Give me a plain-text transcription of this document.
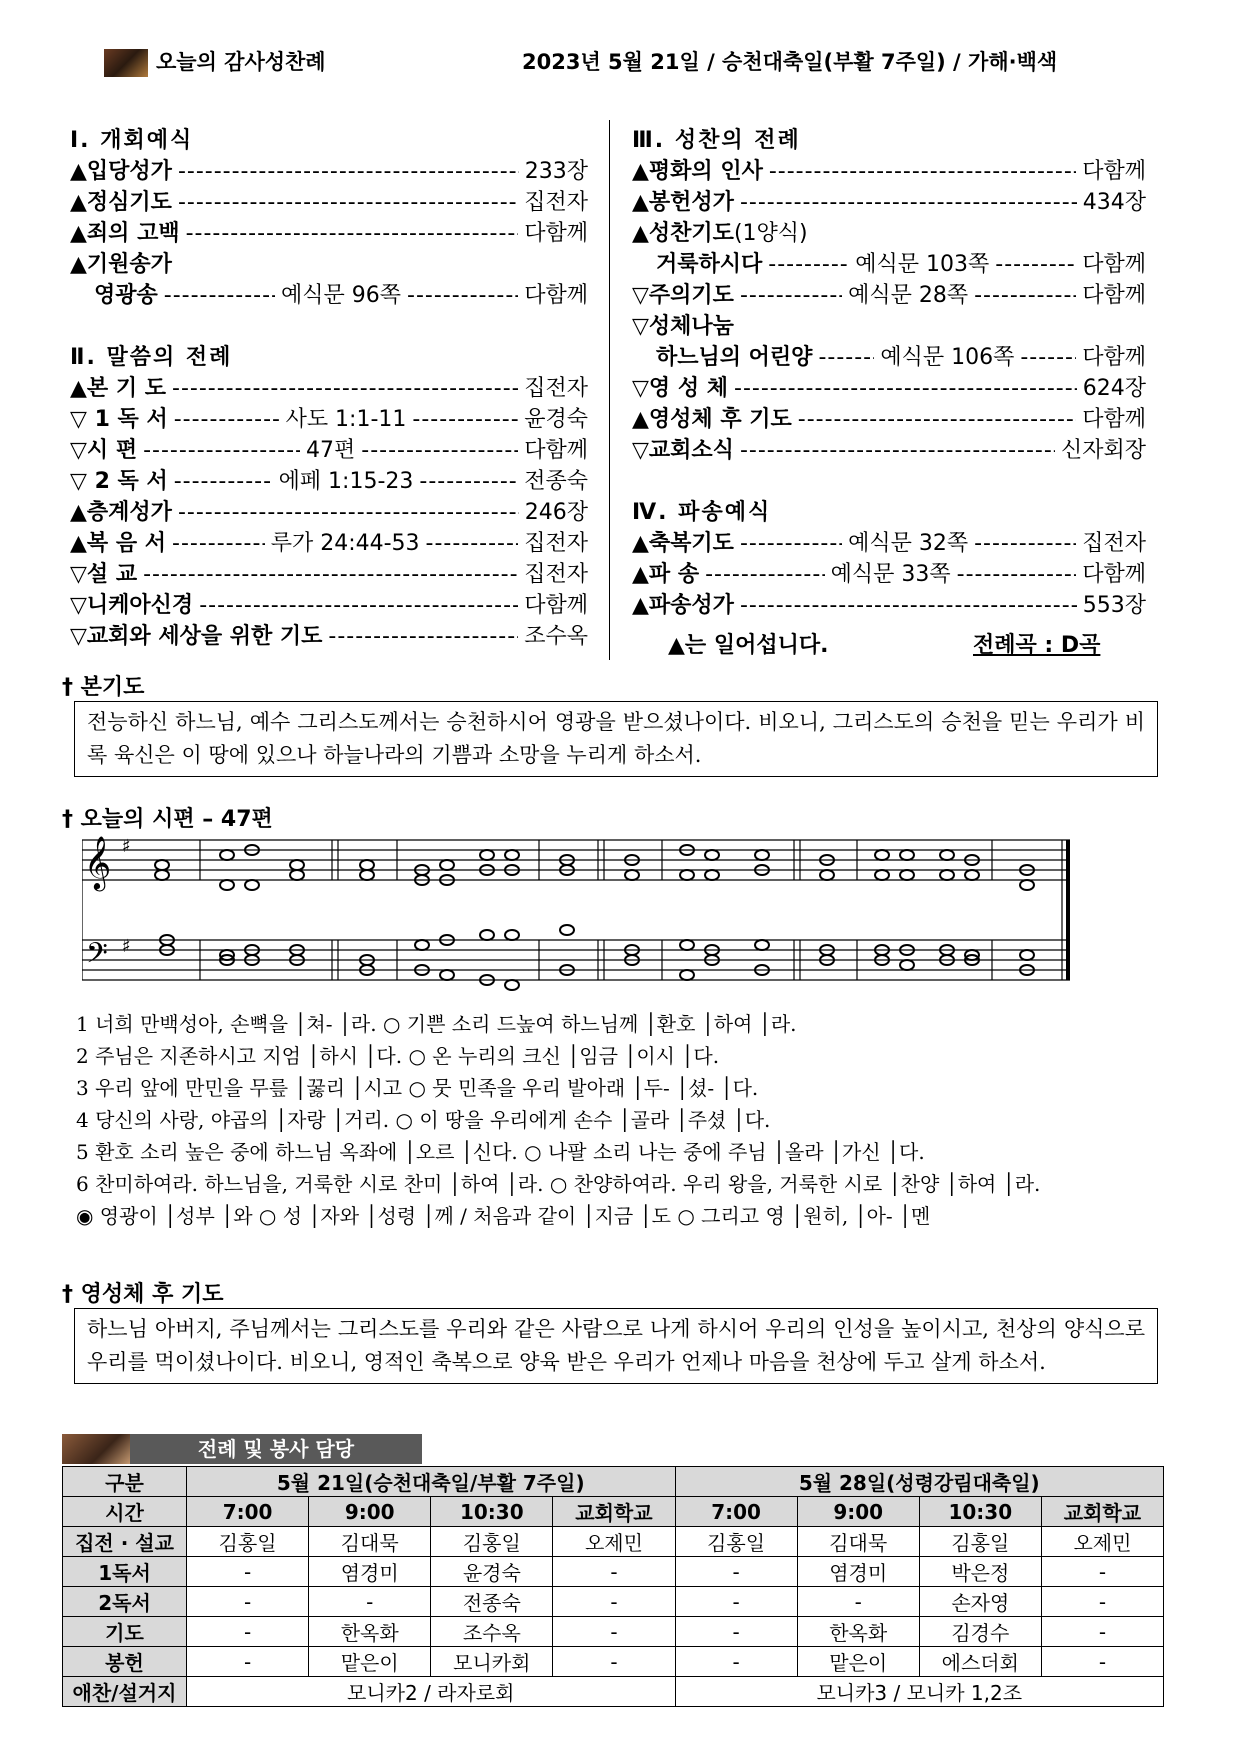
오늘의 감사성찬례	2023년 5월 21일 / 승천대축일(부활 7주일) / 가해·백색
Ⅰ. 개회예식
▲입당성가 -----	233장
▲정심기도 -----	집전자
▲죄의 고백 -----	다함께
▲기원송가
영광송 -----	예식문 96쪽 -----	다함께
Ⅱ. 말씀의 전례
▲본 기 도 -----	집전자
▽ 1 독 서 -----	사도 1:1-11 -----	윤경숙
▽시 편 -----	47편 -----	다함께
▽ 2 독 서 -----	에페 1:15-23 -----	전종숙
▲층계성가 -----	246장
▲복 음 서 -----	루가 24:44-53 -----	집전자
▽설 교 -----	집전자
▽니케아신경 -----	다함께
▽교회와 세상을 위한 기도 -----	조수옥
Ⅲ. 성찬의 전례
▲평화의 인사 -----	다함께
▲봉헌성가 -----	434장
▲성찬기도 (1양식)
거룩하시다 -----	예식문 103쪽 -----	다함께
▽주의기도 -----	예식문 28쪽 -----	다함께
▽성체나눔
하느님의 어린양 -----	예식문 106쪽 -----	다함께
▽영 성 체 -----	624장
▲영성체 후 기도 -----	다함께
▽교회소식 -----	신자회장
Ⅳ. 파송예식
▲축복기도 -----	예식문 32쪽 -----	집전자
▲파 송 -----	예식문 33쪽 -----	다함께
▲파송성가 -----	553장
▲는 일어섭니다.	전례곡 : D곡
† 본기도
전능하신 하느님, 예수 그리스도께서는 승천하시어 영광을 받으셨나이다. 비오니, 그리스도의 승천을 믿는 우리가 비록 육신은 이 땅에 있으나 하늘나라의 기쁨과 소망을 누리게 하소서.
† 오늘의 시편 – 47편
𝄞
𝄢
♯
♯
1 너희 만백성아, 손뼉을 │쳐- │라. ○ 기쁜 소리 드높여 하느님께 │환호 │하여 │라.
2 주님은 지존하시고 지엄 │하시 │다. ○ 온 누리의 크신 │임금 │이시 │다.
3 우리 앞에 만민을 무릎 │꿇리 │시고 ○ 뭇 민족을 우리 발아래 │두- │셨- │다.
4 당신의 사랑, 야곱의 │자랑 │거리. ○ 이 땅을 우리에게 손수 │골라 │주셨 │다.
5 환호 소리 높은 중에 하느님 옥좌에 │오르 │신다. ○ 나팔 소리 나는 중에 주님 │올라 │가신 │다.
6 찬미하여라. 하느님을, 거룩한 시로 찬미 │하여 │라. ○ 찬양하여라. 우리 왕을, 거룩한 시로 │찬양 │하여 │라.
◉ 영광이 │성부 │와 ○ 성 │자와 │성령 │께 / 처음과 같이 │지금 │도 ○ 그리고 영 │원히, │아- │멘
† 영성체 후 기도
하느님 아버지, 주님께서는 그리스도를 우리와 같은 사람으로 나게 하시어 우리의 인성을 높이시고, 천상의 양식으로 우리를 먹이셨나이다. 비오니, 영적인 축복으로 양육 받은 우리가 언제나 마음을 천상에 두고 살게 하소서.
전례 및 봉사 담당
구분	5월 21일(승천대축일/부활 7주일)				5월 28일(성령강림대축일)			
시간	7:00	9:00	10:30	교회학교	7:00	9:00	10:30	교회학교
집전 · 설교	김홍일	김대묵	김홍일	오제민	김홍일	김대묵	김홍일	오제민
1독서	-	염경미	윤경숙	-	-	염경미	박은정	-
2독서	-	-	전종숙	-	-	-	손자영	-
기도	-	한옥화	조수옥	-	-	한옥화	김경수	-
봉헌	-	맡은이	모니카회	-	-	맡은이	에스더회	-
애찬/설거지	모니카2 / 라자로회				모니카3 / 모니카 1,2조			
